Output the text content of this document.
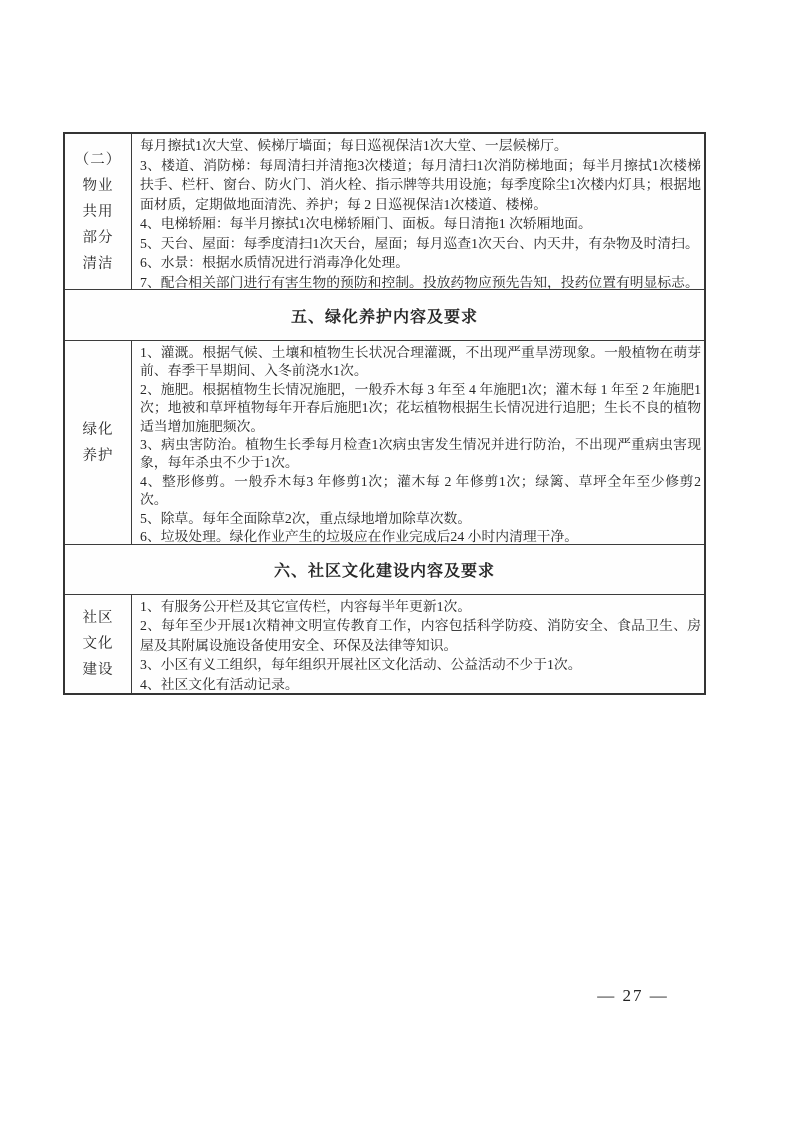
（二）
物业
共用
部分
清洁

每月擦拭1次大堂、候梯厅墙面；每日巡视保洁1次大堂、一层候梯厅。

3、楼道、消防梯：每周清扫并清拖3次楼道；每月清扫1次消防梯地面；每半月擦拭1次楼梯扶手、栏杆、窗台、防火门、消火栓、指示牌等共用设施；每季度除尘1次楼内灯具；根据地面材质，定期做地面清洗、养护；每 2 日巡视保洁1次楼道、楼梯。

4、电梯轿厢：每半月擦拭1次电梯轿厢门、面板。每日清拖1 次轿厢地面。

5、天台、屋面：每季度清扫1次天台，屋面；每月巡查1次天台、内天井，有杂物及时清扫。

6、水景：根据水质情况进行消毒净化处理。

7、配合相关部门进行有害生物的预防和控制。投放药物应预先告知，投药位置有明显标志。

五、绿化养护内容及要求
绿化
养护

1、灌溉。根据气候、土壤和植物生长状况合理灌溉，不出现严重旱涝现象。一般植物在萌芽前、春季干旱期间、入冬前浇水1次。

2、施肥。根据植物生长情况施肥，一般乔木每 3 年至 4 年施肥1次；灌木每 1 年至 2 年施肥1次；地被和草坪植物每年开春后施肥1次；花坛植物根据生长情况进行追肥；生长不良的植物适当增加施肥频次。

3、病虫害防治。植物生长季每月检查1次病虫害发生情况并进行防治，不出现严重病虫害现象，每年杀虫不少于1次。

4、整形修剪。一般乔木每3 年修剪1次；灌木每 2 年修剪1次；绿篱、草坪全年至少修剪2次。

5、除草。每年全面除草2次，重点绿地增加除草次数。

6、垃圾处理。绿化作业产生的垃圾应在作业完成后24 小时内清理干净。

六、社区文化建设内容及要求
社区
文化
建设

1、有服务公开栏及其它宣传栏，内容每半年更新1次。

2、每年至少开展1次精神文明宣传教育工作，内容包括科学防疫、消防安全、食品卫生、房屋及其附属设施设备使用安全、环保及法律等知识。

3、小区有义工组织，每年组织开展社区文化活动、公益活动不少于1次。

4、社区文化有活动记录。

— 27 —
